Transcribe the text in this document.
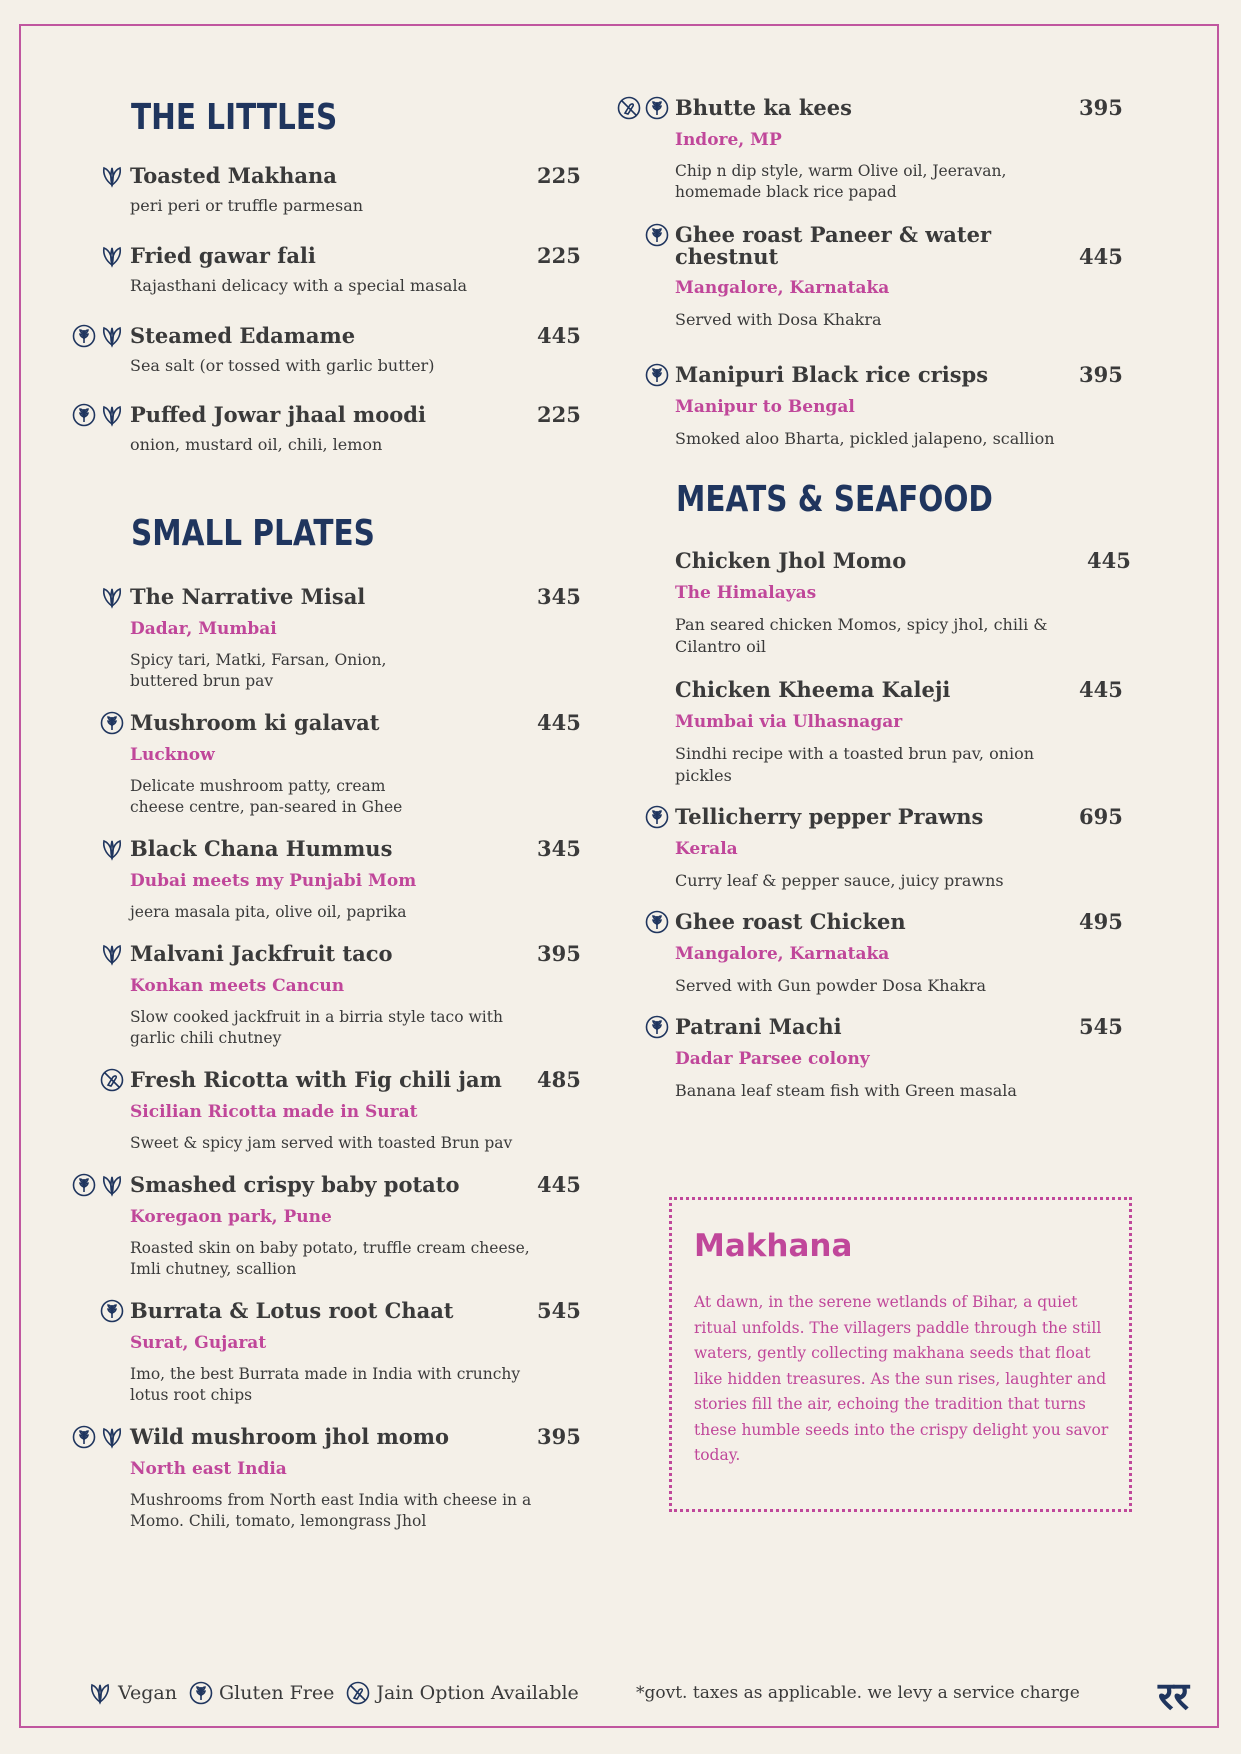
THE LITTLES
Toasted Makhana	225
peri peri or truffle parmesan
Fried gawar fali	225
Rajasthani delicacy with a special masala
Steamed Edamame	445
Sea salt (or tossed with garlic butter)
Puffed Jowar jhaal moodi	225
onion, mustard oil, chili, lemon
SMALL PLATES
The Narrative Misal	345
Dadar, Mumbai
Spicy tari, Matki, Farsan, Onion, buttered brun pav
Mushroom ki galavat	445
Lucknow
Delicate mushroom patty, cream cheese centre, pan-seared in Ghee
Black Chana Hummus	345
Dubai meets my Punjabi Mom
jeera masala pita, olive oil, paprika
Malvani Jackfruit taco	395
Konkan meets Cancun
Slow cooked jackfruit in a birria style taco with garlic chili chutney
Fresh Ricotta with Fig chili jam 485
Sicilian Ricotta made in Surat
Sweet & spicy jam served with toasted Brun pav
Smashed crispy baby potato	445
Koregaon park, Pune
Roasted skin on baby potato, truffle cream cheese, Imli chutney, scallion
Burrata & Lotus root Chaat	545
Surat, Gujarat
Imo, the best Burrata made in India with crunchy lotus root chips
Wild mushroom jhol momo	395
North east India
Mushrooms from North east India with cheese in a Momo. Chili, tomato, lemongrass Jhol
Bhutte ka kees	395
Indore, MP
Chip n dip style, warm Olive oil, Jeeravan, homemade black rice papad
Ghee roast Paneer & water chestnut	445
Mangalore, Karnataka
Served with Dosa Khakra
Manipuri Black rice crisps	395
Manipur to Bengal
Smoked aloo Bharta, pickled jalapeno, scallion
MEATS & SEAFOOD
Chicken Jhol Momo	445
The Himalayas
Pan seared chicken Momos, spicy jhol, chili & Cilantro oil
Chicken Kheema Kaleji	445
Mumbai via Ulhasnagar
Sindhi recipe with a toasted brun pav, onion pickles
Tellicherry pepper Prawns	695
Kerala
Curry leaf & pepper sauce, juicy prawns
Ghee roast Chicken	495
Mangalore, Karnataka
Served with Gun powder Dosa Khakra
Patrani Machi	545
Dadar Parsee colony
Banana leaf steam fish with Green masala
Makhana
At dawn, in the serene wetlands of Bihar, a quiet ritual unfolds. The villagers paddle through the still waters, gently collecting makhana seeds that float like hidden treasures. As the sun rises, laughter and stories fill the air, echoing the tradition that turns these humble seeds into the crispy delight you savor today.
Vegan Gluten Free Jain Option Available	*govt. taxes as applicable. we levy a service charge रर
